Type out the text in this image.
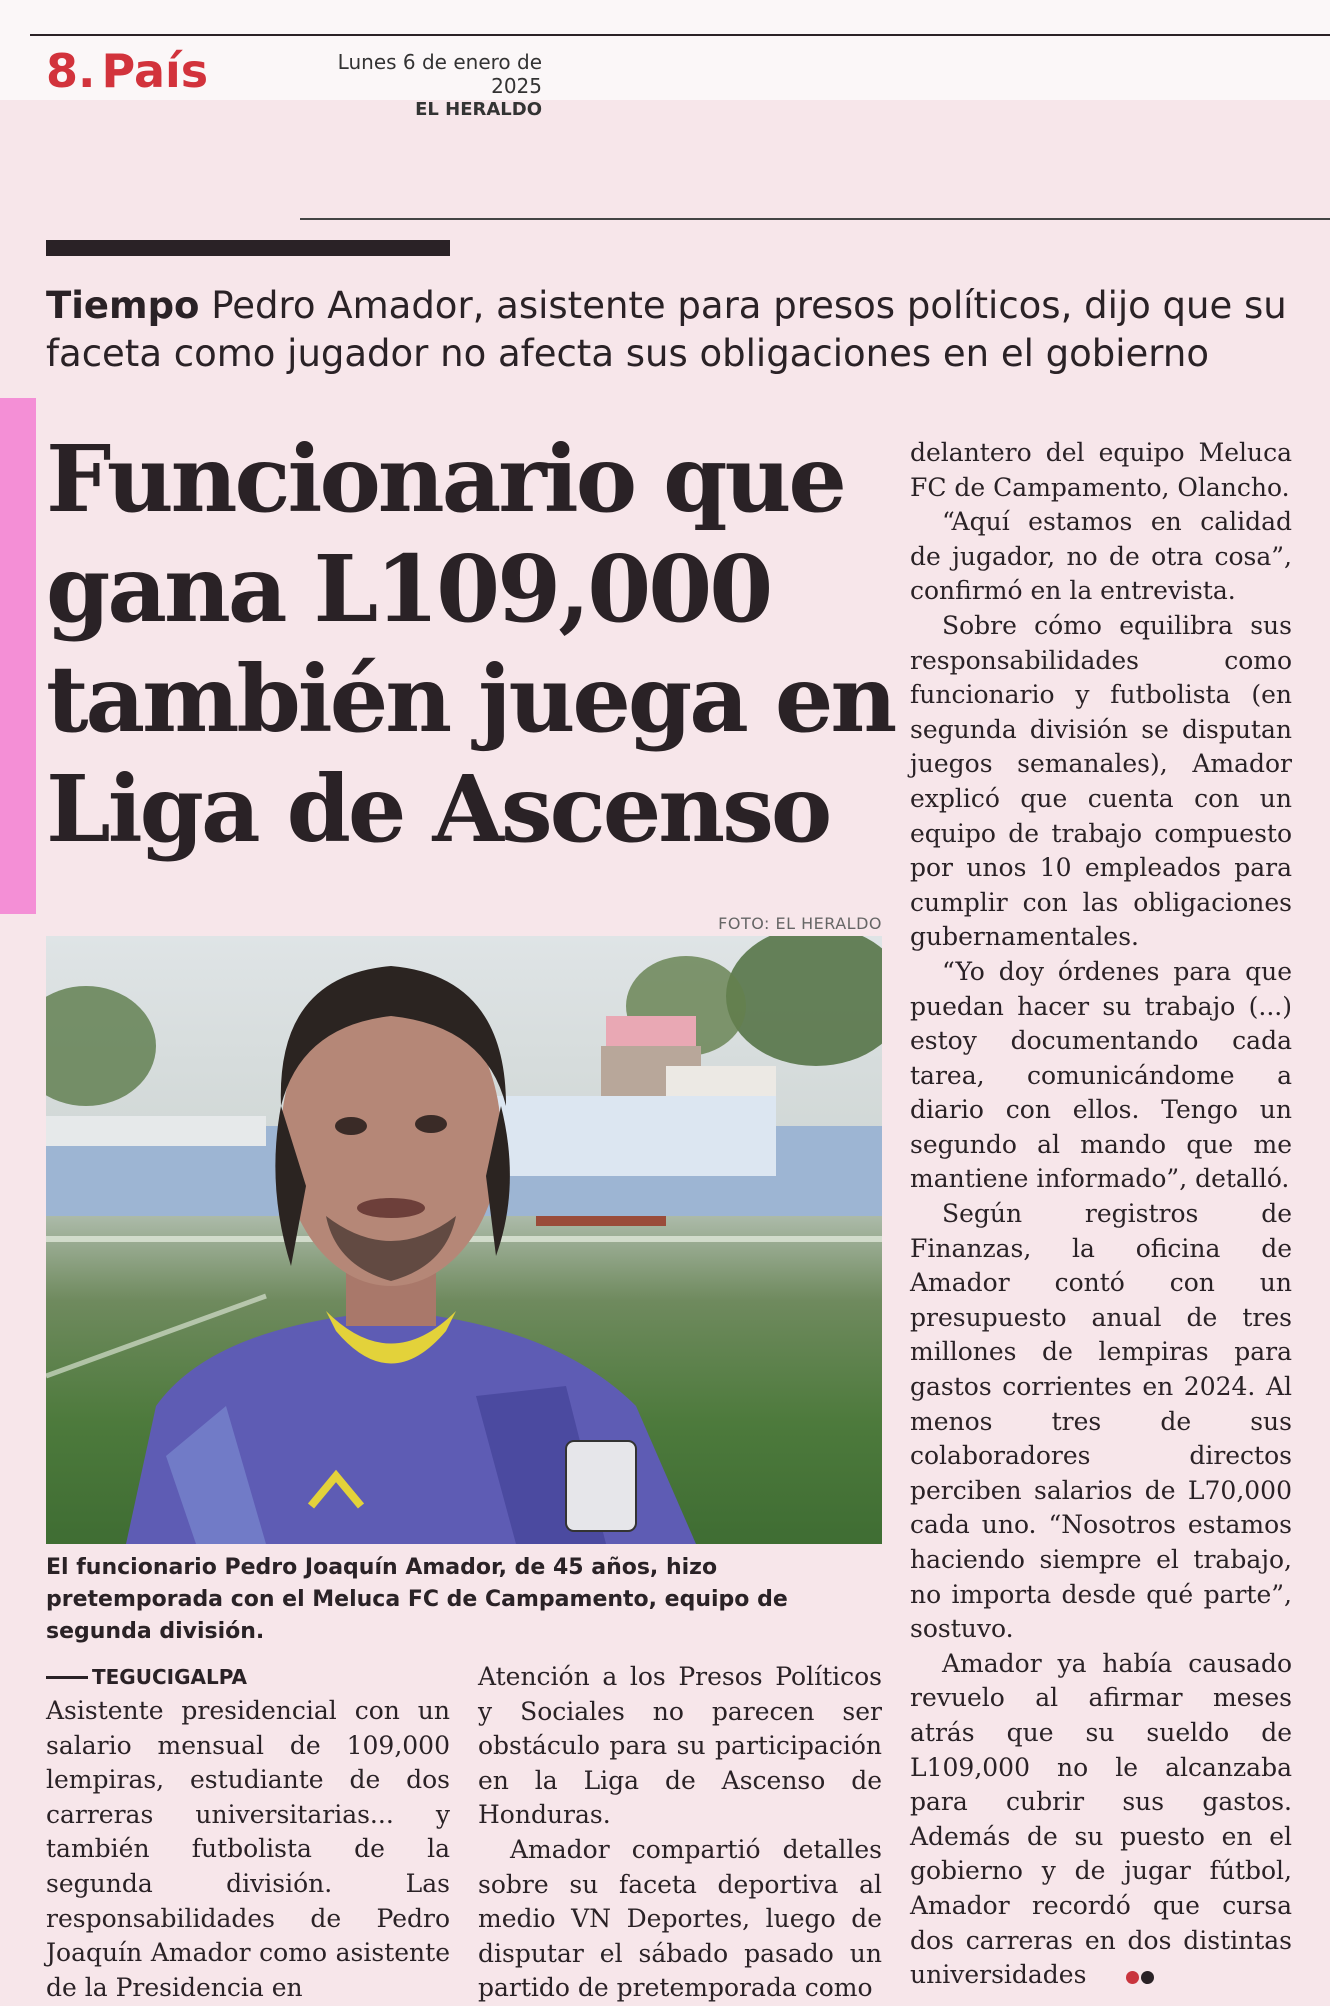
8. País	Lunes 6 de enero de 2025
EL HERALDO
Tiempo Pedro Amador, asistente para presos políticos, dijo que su faceta como jugador no afecta sus obligaciones en el gobierno
Funcionario que
gana L109,000
también juega en
Liga de Ascenso
FOTO: EL HERALDO
El funcionario Pedro Joaquín Amador, de 45 años, hizo pretemporada con el Meluca FC de Campamento, equipo de segunda división.
TEGUCIGALPA

Asistente presidencial con un salario mensual de 109,000 lempiras, estudiante de dos carreras universitarias... y también futbolista de la segunda división. Las responsabilidades de Pedro Joaquín Amador como asistente de la Presidencia en

Atención a los Presos Políticos y Sociales no parecen ser obstáculo para su participación en la Liga de Ascenso de Honduras.

Amador compartió detalles sobre su faceta deportiva al medio VN Deportes, luego de disputar el sábado pasado un partido de pretemporada como

delantero del equipo Meluca FC de Campamento, Olancho.

“Aquí estamos en calidad de jugador, no de otra cosa”, confirmó en la entrevista.

Sobre cómo equilibra sus responsabilidades como funcionario y futbolista (en segunda división se disputan juegos semanales), Amador explicó que cuenta con un equipo de trabajo compuesto por unos 10 empleados para cumplir con las obligaciones gubernamentales.

“Yo doy órdenes para que puedan hacer su trabajo (...) estoy documentando cada tarea, comunicándome a diario con ellos. Tengo un segundo al mando que me mantiene informado”, detalló.

Según registros de Finanzas, la oficina de Amador contó con un presupuesto anual de tres millones de lempiras para gastos corrientes en 2024. Al menos tres de sus colaboradores directos perciben salarios de L70,000 cada uno. “Nosotros estamos haciendo siempre el trabajo, no importa desde qué parte”, sostuvo.

Amador ya había causado revuelo al afirmar meses atrás que su sueldo de L109,000 no le alcanzaba para cubrir sus gastos. Además de su puesto en el gobierno y de jugar fútbol, Amador recordó que cursa dos carreras en dos distintas universidades
